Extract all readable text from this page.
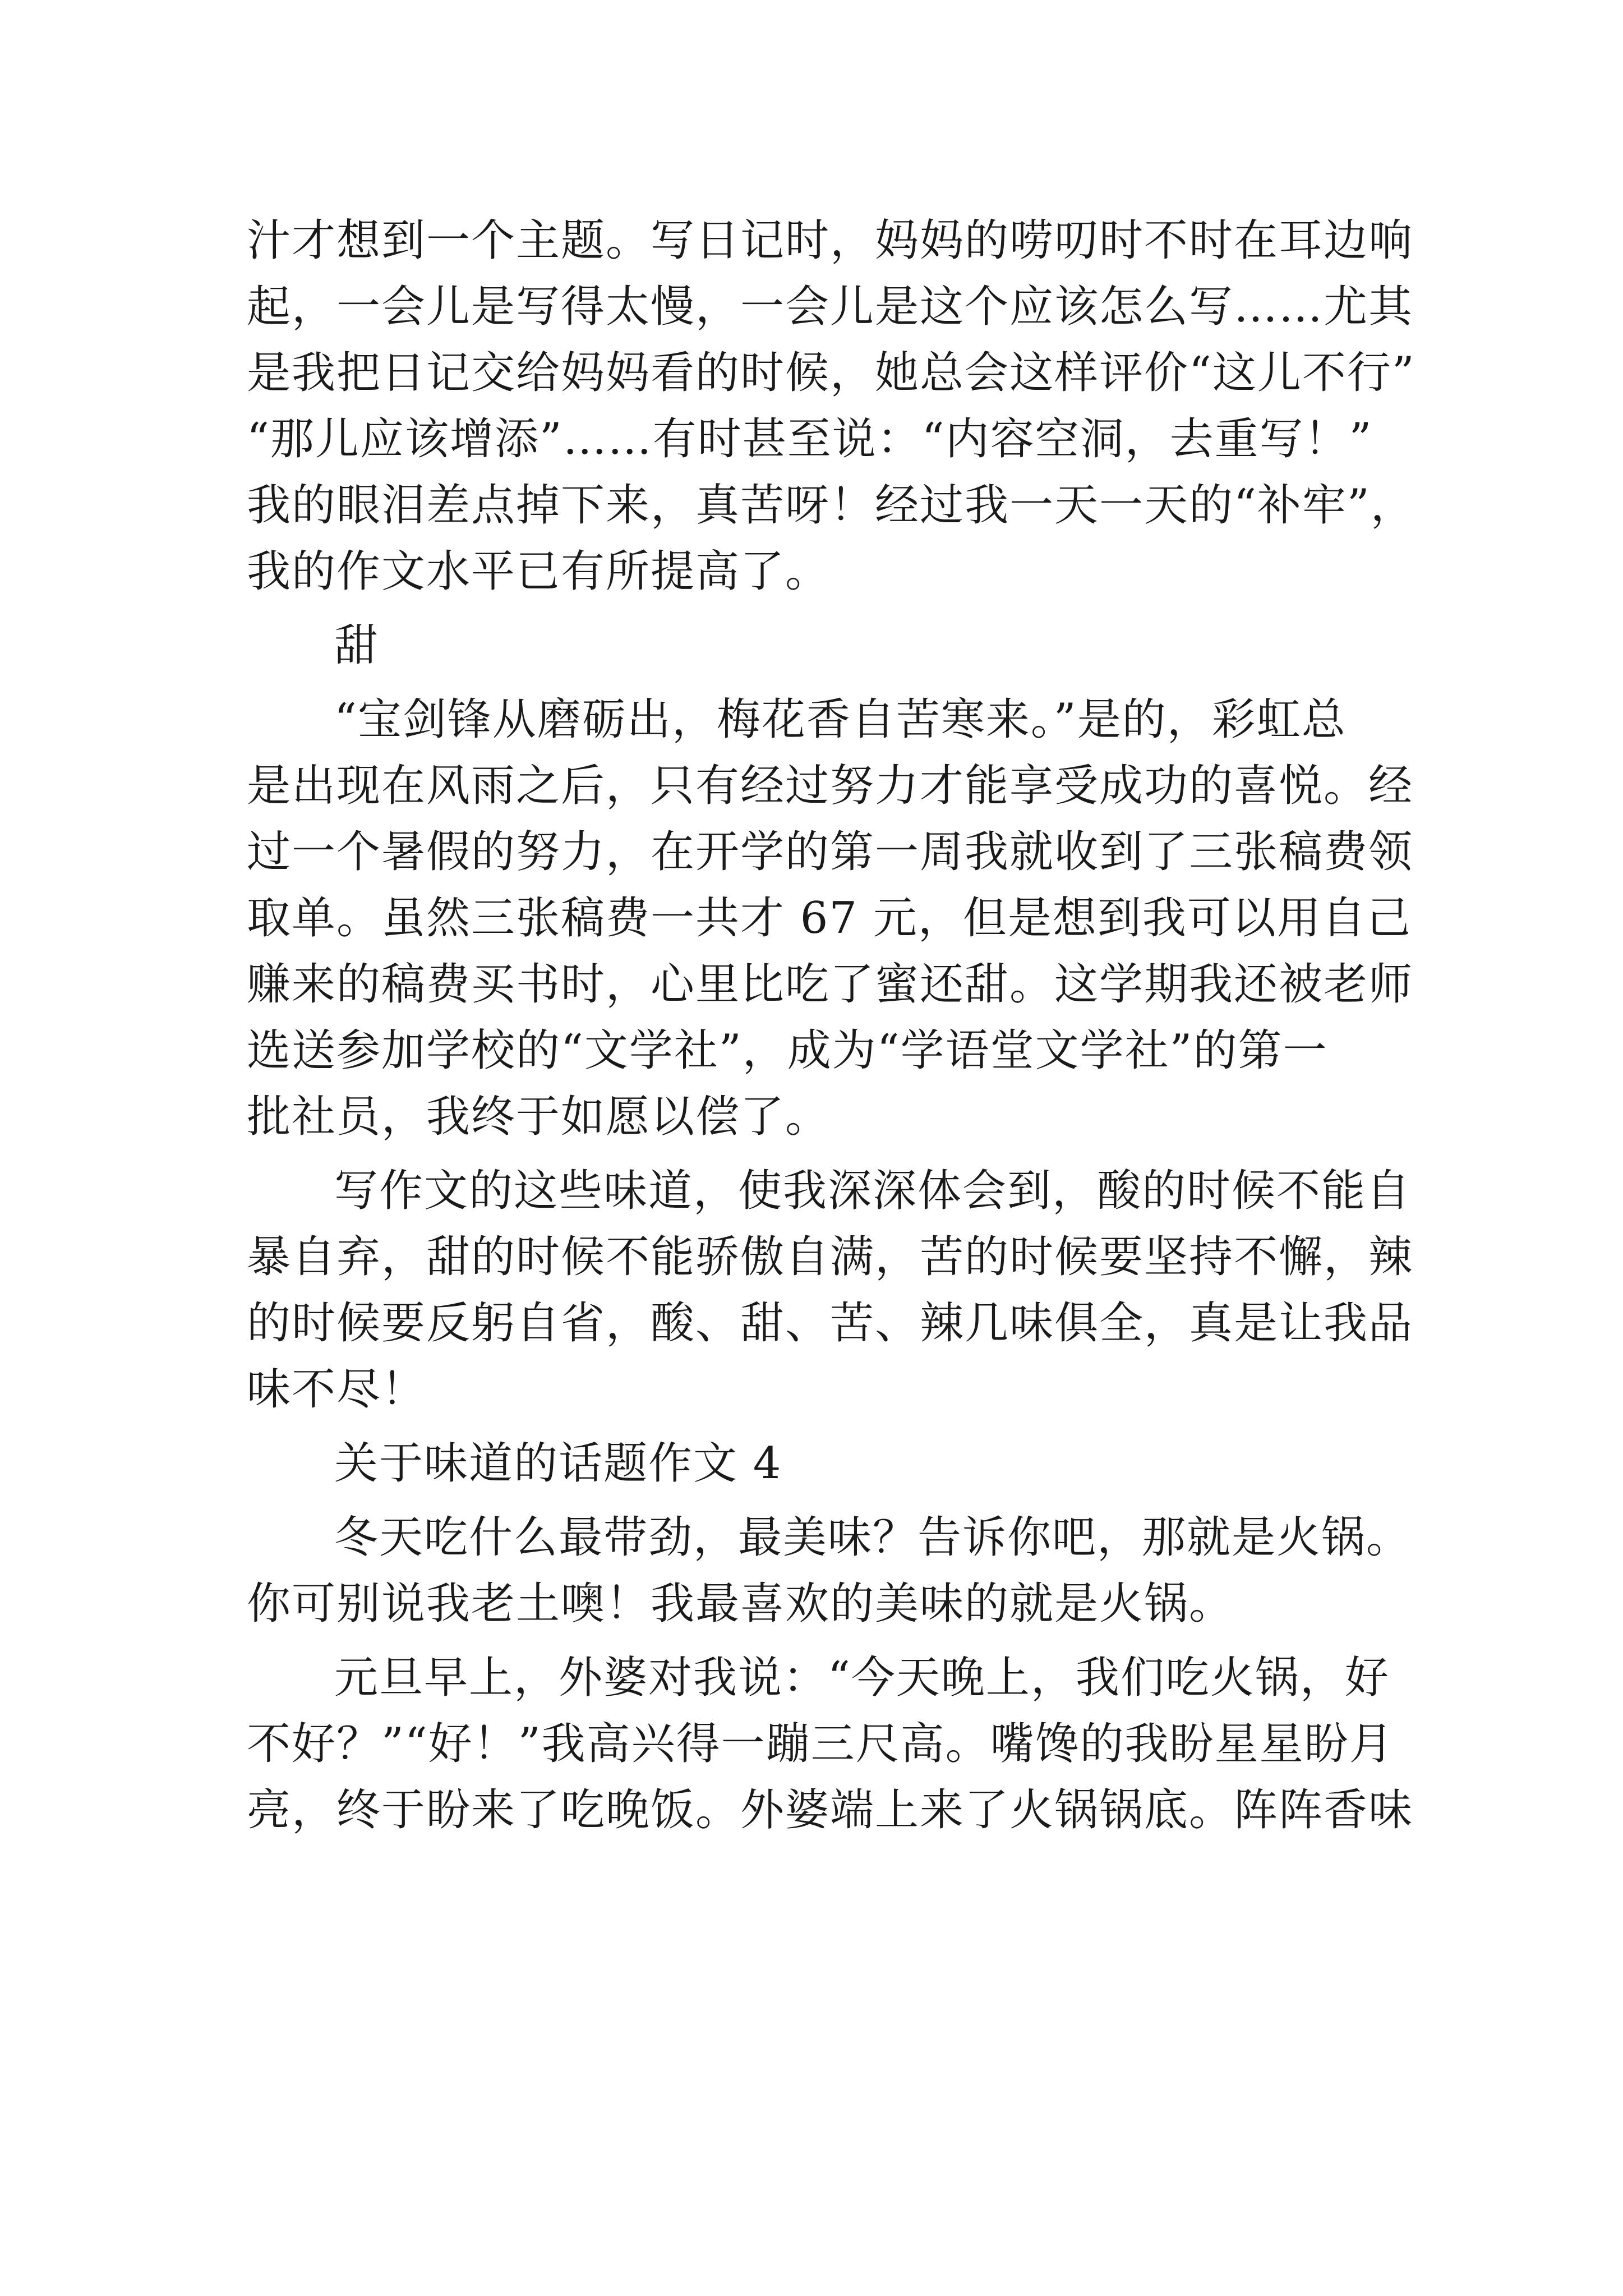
汁才想到一个主题。写日记时，妈妈的唠叨时不时在耳边响

起，一会儿是写得太慢，一会儿是这个应该怎么写……尤其

是我把日记交给妈妈看的时候，她总会这样评价“这儿不行”

“那儿应该增添”……有时甚至说：“内容空洞，去重写！”

我的眼泪差点掉下来，真苦呀！经过我一天一天的“补牢”，

我的作文水平已有所提高了。

甜

“宝剑锋从磨砺出，梅花香自苦寒来。”是的，彩虹总

是出现在风雨之后，只有经过努力才能享受成功的喜悦。经

过一个暑假的努力，在开学的第一周我就收到了三张稿费领

取单。虽然三张稿费一共才 67 元，但是想到我可以用自己

赚来的稿费买书时，心里比吃了蜜还甜。这学期我还被老师

选送参加学校的“文学社”，成为“学语堂文学社”的第一

批社员，我终于如愿以偿了。

写作文的这些味道，使我深深体会到，酸的时候不能自

暴自弃，甜的时候不能骄傲自满，苦的时候要坚持不懈，辣

的时候要反躬自省，酸、甜、苦、辣几味俱全，真是让我品

味不尽！

关于味道的话题作文 4

冬天吃什么最带劲，最美味？告诉你吧，那就是火锅。

你可别说我老土噢！我最喜欢的美味的就是火锅。

元旦早上，外婆对我说：“今天晚上，我们吃火锅，好

不好？”“好！”我高兴得一蹦三尺高。嘴馋的我盼星星盼月

亮，终于盼来了吃晚饭。外婆端上来了火锅锅底。阵阵香味
